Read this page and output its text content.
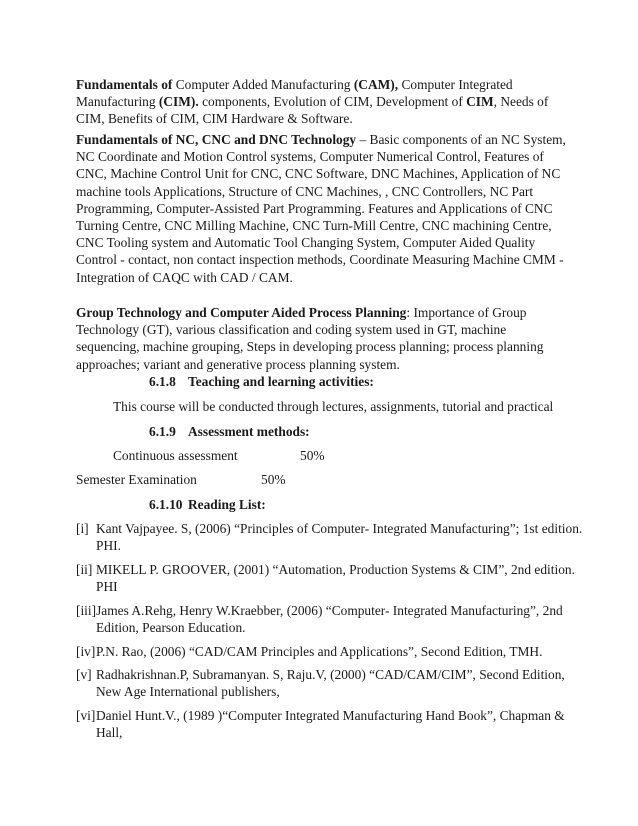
Fundamentals of Computer Added Manufacturing (CAM), Computer Integrated Manufacturing (CIM). components, Evolution of CIM, Development of CIM, Needs of CIM, Benefits of CIM, CIM Hardware & Software.

Fundamentals of NC, CNC and DNC Technology – Basic components of an NC System, NC Coordinate and Motion Control systems, Computer Numerical Control, Features of CNC, Machine Control Unit for CNC, CNC Software, DNC Machines, Application of NC machine tools Applications, Structure of CNC Machines, , CNC Controllers, NC Part Programming, Computer-Assisted Part Programming. Features and Applications of CNC Turning Centre, CNC Milling Machine, CNC Turn-Mill Centre, CNC machining Centre, CNC Tooling system and Automatic Tool Changing System, Computer Aided Quality Control - contact, non contact inspection methods, Coordinate Measuring Machine CMM - Integration of CAQC with CAD / CAM.

Group Technology and Computer Aided Process Planning: Importance of Group Technology (GT), various classification and coding system used in GT, machine sequencing, machine grouping, Steps in developing process planning; process planning approaches; variant and generative process planning system.

6.1.8 Teaching and learning activities:

This course will be conducted through lectures, assignments, tutorial and practical

6.1.9 Assessment methods:

Continuous assessment	50%

Semester Examination	50%

6.1.10 Reading List:

[i] Kant Vajpayee. S, (2006) “Principles of Computer- Integrated Manufacturing”; 1st edition. PHI.

[ii] MIKELL P. GROOVER, (2001) “Automation, Production Systems & CIM”, 2nd edition. PHI

[iii]James A.Rehg, Henry W.Kraebber, (2006) “Computer- Integrated Manufacturing”, 2nd Edition, Pearson Education.

[iv]P.N. Rao, (2006) “CAD/CAM Principles and Applications”, Second Edition, TMH.

[v] Radhakrishnan.P, Subramanyan. S, Raju.V, (2000) “CAD/CAM/CIM”, Second Edition, New Age International publishers,

[vi]Daniel Hunt.V., (1989 )“Computer Integrated Manufacturing Hand Book”, Chapman & Hall,
